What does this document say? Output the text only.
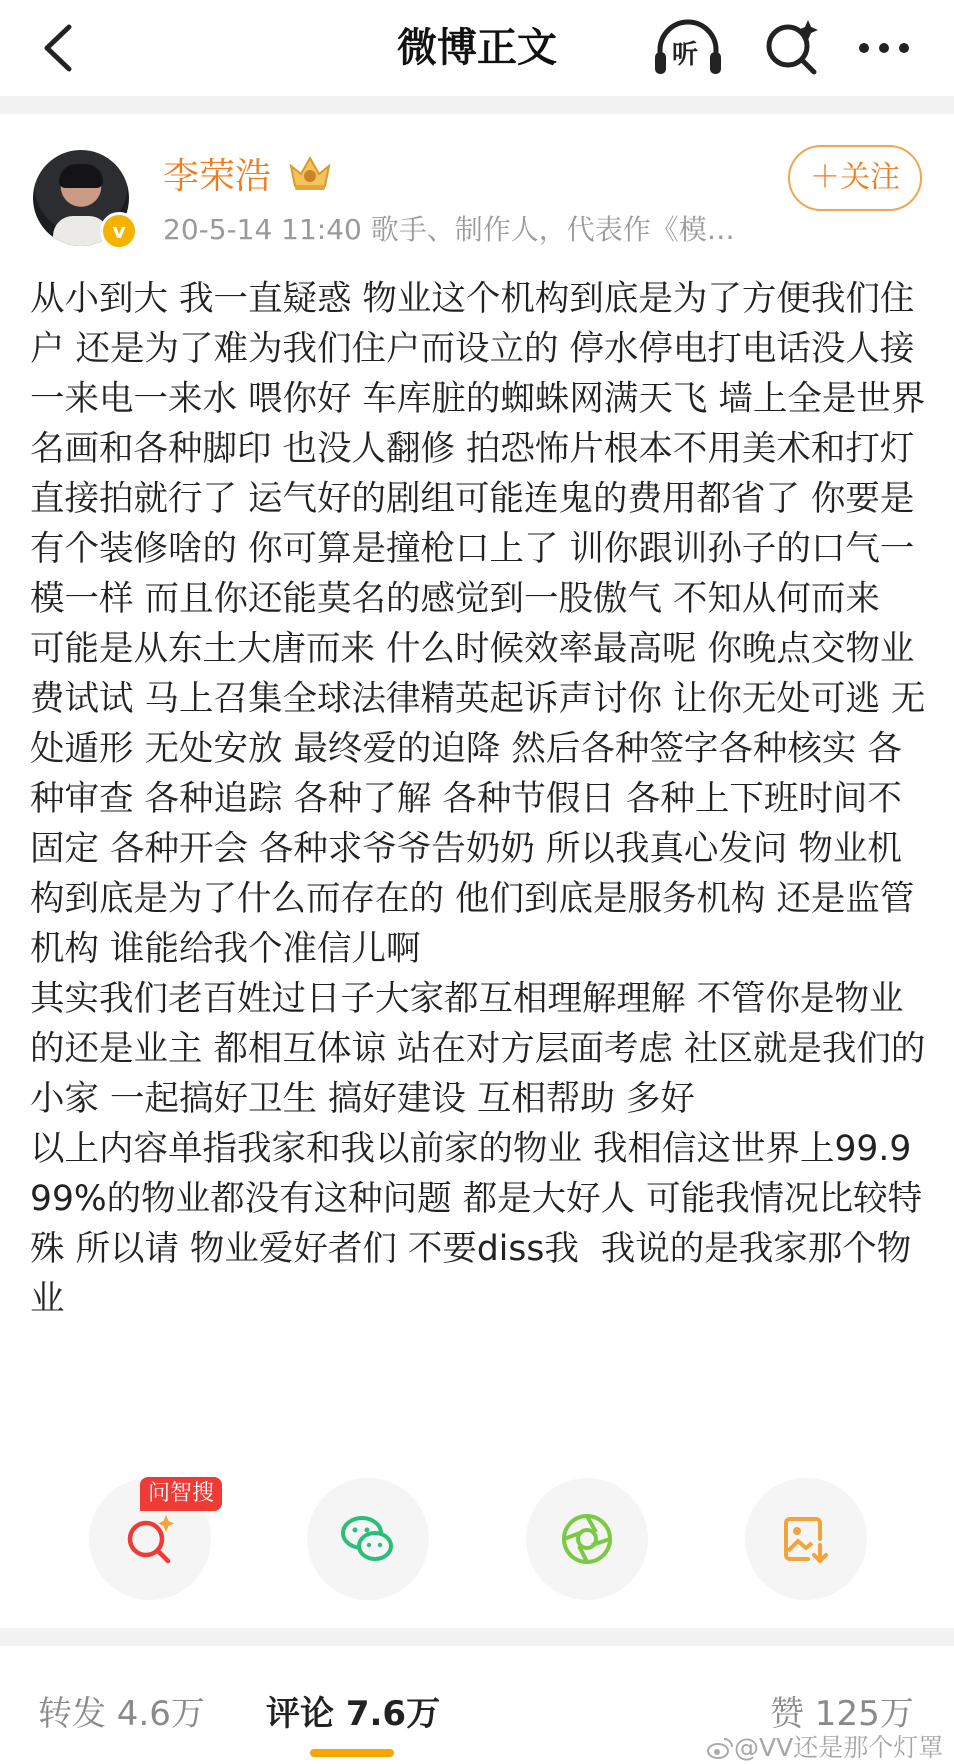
微博正文	听
v
李荣浩
20-5-14 11:40 歌手、制作人，代表作《模…
＋关注
从小到大 我一直疑惑 物业这个机构到底是为了方便我们住户 还是为了难为我们住户而设立的 停水停电打电话没人接 一来电一来水 喂你好 车库脏的蜘蛛网满天飞 墙上全是世界名画和各种脚印 也没人翻修 拍恐怖片根本不用美术和打灯 直接拍就行了 运气好的剧组可能连鬼的费用都省了 你要是有个装修啥的 你可算是撞枪口上了 训你跟训孙子的口气一模一样 而且你还能莫名的感觉到一股傲气 不知从何而来  可能是从东土大唐而来 什么时候效率最高呢 你晚点交物业费试试 马上召集全球法律精英起诉声讨你 让你无处可逃 无处遁形 无处安放 最终爱的迫降 然后各种签字各种核实 各种审查 各种追踪 各种了解 各种节假日 各种上下班时间不固定 各种开会 各种求爷爷告奶奶 所以我真心发问 物业机构到底是为了什么而存在的 他们到底是服务机构 还是监管机构 谁能给我个准信儿啊
其实我们老百姓过日子大家都互相理解理解 不管你是物业的还是业主 都相互体谅 站在对方层面考虑 社区就是我们的小家 一起搞好卫生 搞好建设 互相帮助 多好
以上内容单指我家和我以前家的物业 我相信这世界上99.999%的物业都没有这种问题 都是大好人 可能我情况比较特殊 所以请 物业爱好者们 不要diss我  我说的是我家那个物业
问智搜
转发 4.6万 评论 7.6万	赞 125万
@VV还是那个灯罩
